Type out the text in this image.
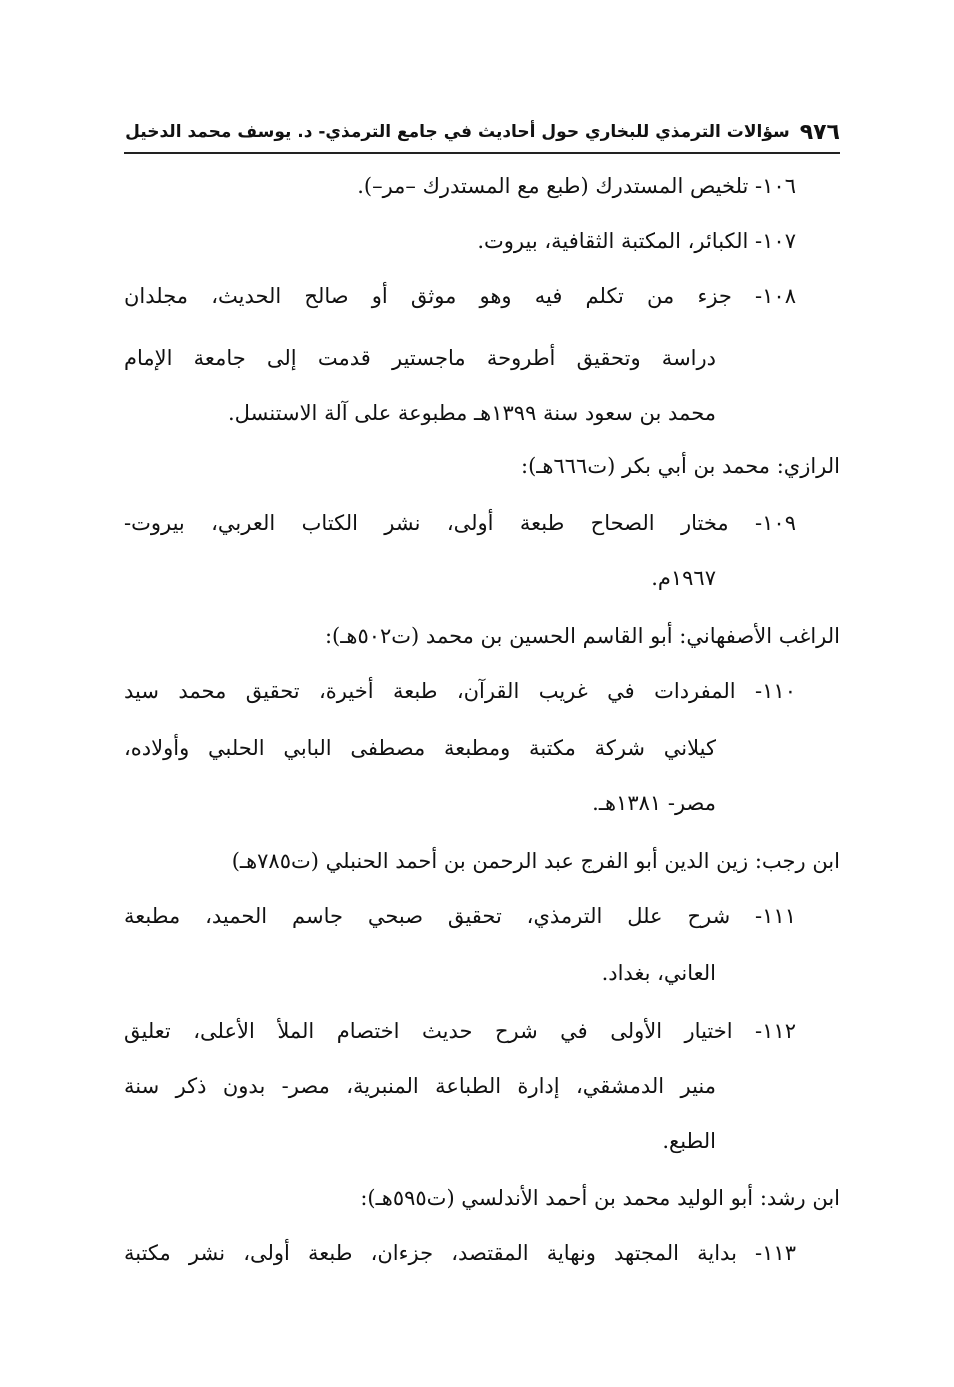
٩٧٦
سؤالات الترمذي للبخاري حول أحاديث في جامع الترمذي- د. يوسف محمد الدخيل
١٠٦- تلخيص المستدرك (طبع مع المستدرك –مر–).
١٠٧- الكبائر، المكتبة الثقافية، بيروت.
١٠٨- جزء من تكلم فيه وهو موثق أو صالح الحديث، مجلدان
دراسة وتحقيق أطروحة ماجستير قدمت إلى جامعة الإمام
محمد بن سعود سنة ١٣٩٩هـ مطبوعة على آلة الاستنسل.
الرازي: محمد بن أبي بكر (ت٦٦٦هـ):
١٠٩- مختار الصحاح طبعة أولى، نشر الكتاب العربي، بيروت-
١٩٦٧م.
الراغب الأصفهاني: أبو القاسم الحسين بن محمد (ت٥٠٢هـ):
١١٠- المفردات في غريب القرآن، طبعة أخيرة، تحقيق محمد سيد
كيلاني شركة مكتبة ومطبعة مصطفى البابي الحلبي وأولاده،
مصر- ١٣٨١هـ.
ابن رجب: زين الدين أبو الفرج عبد الرحمن بن أحمد الحنبلي (ت٧٨٥هـ)
١١١- شرح علل الترمذي، تحقيق صبحي جاسم الحميد، مطبعة
العاني، بغداد.
١١٢- اختيار الأولى في شرح حديث اختصام الملأ الأعلى، تعليق
منير الدمشقي، إدارة الطباعة المنبرية، مصر- بدون ذكر سنة
الطبع.
ابن رشد: أبو الوليد محمد بن أحمد الأندلسي (ت٥٩٥هـ):
١١٣- بداية المجتهد ونهاية المقتصد، جزءان، طبعة أولى، نشر مكتبة
